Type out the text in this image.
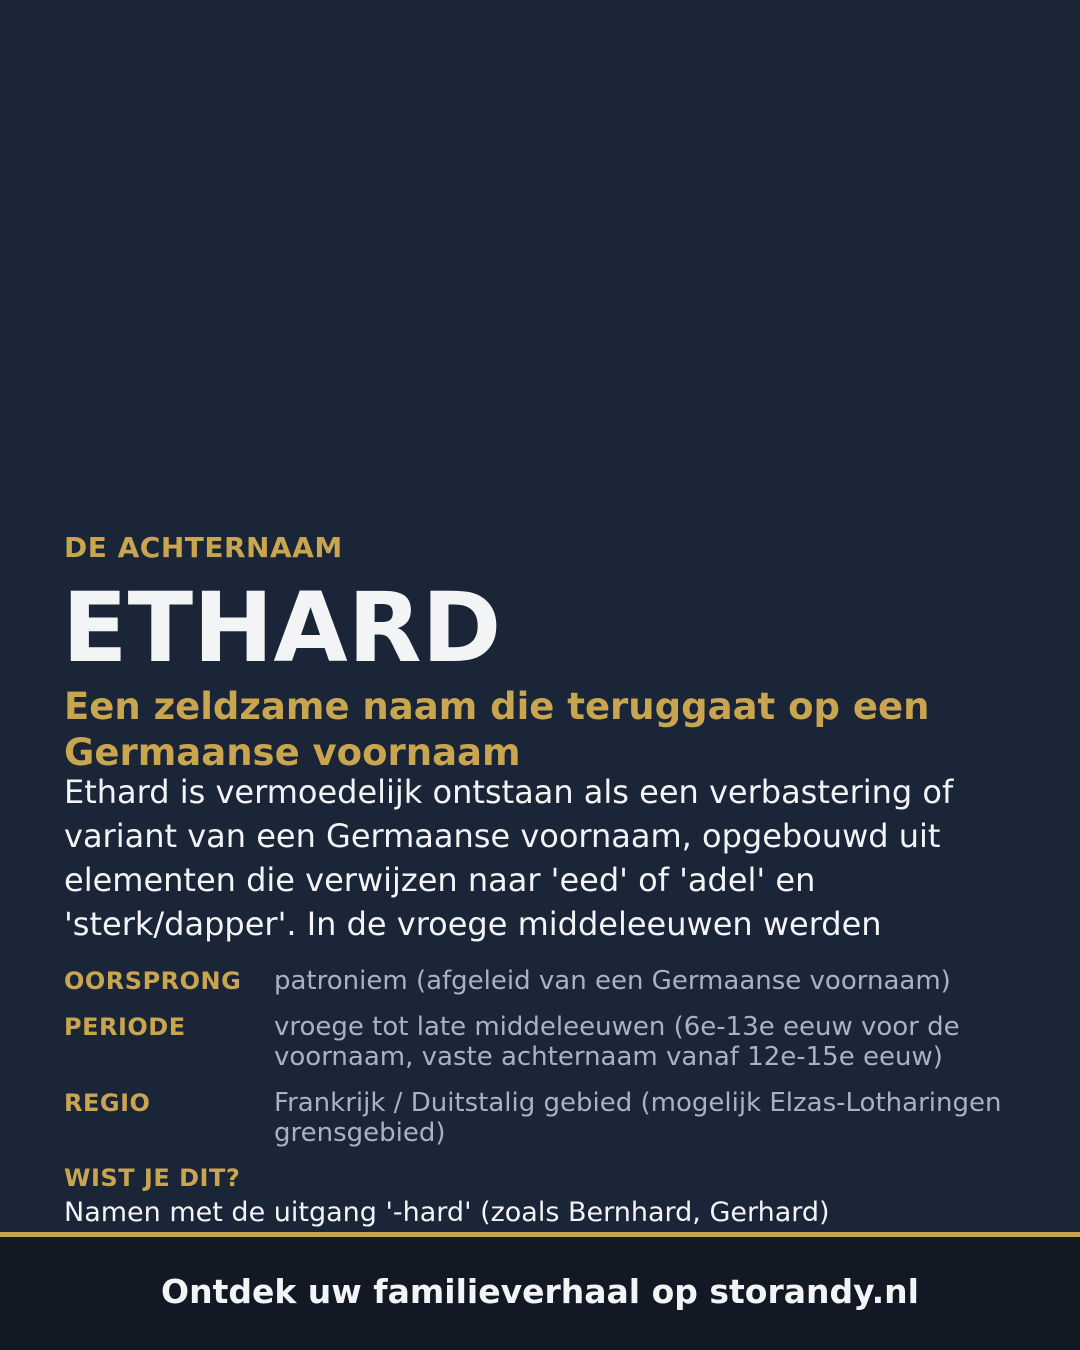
DE ACHTERNAAM
ETHARD
Een zeldzame naam die teruggaat op een Germaanse voornaam
Ethard is vermoedelijk ontstaan als een verbastering of variant van een Germaanse voornaam, opgebouwd uit elementen die verwijzen naar 'eed' of 'adel' en 'sterk/dapper'. In de vroege middeleeuwen werden
OORSPRONG	patroniem (afgeleid van een Germaanse voornaam)
PERIODE	vroege tot late middeleeuwen (6e-13e eeuw voor de voornaam, vaste achternaam vanaf 12e-15e eeuw)
REGIO	Frankrijk / Duitstalig gebied (mogelijk Elzas-Lotharingen grensgebied)
WIST JE DIT?
Namen met de uitgang '-hard' (zoals Bernhard, Gerhard)
Ontdek uw familieverhaal op storandy.nl
